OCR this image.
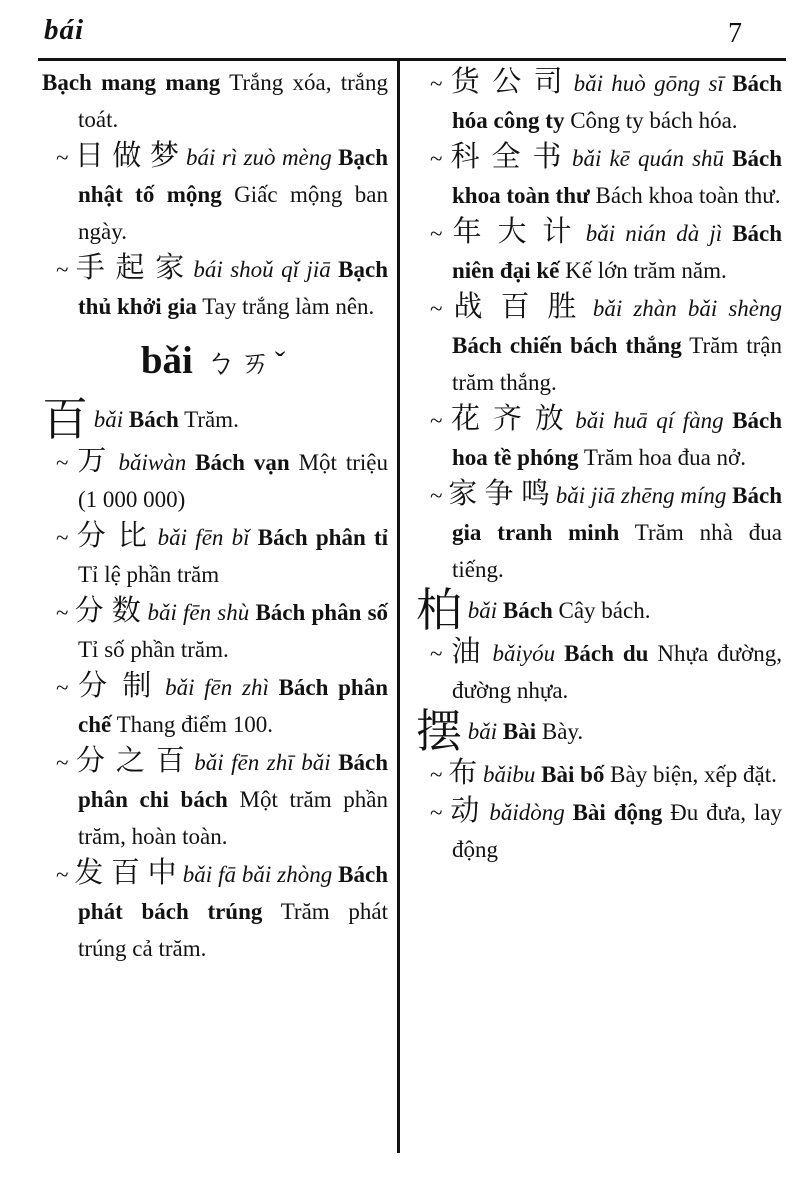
bái	7

Bạch mang mang Trắng xóa, trắng toát.

~ 日 做 梦 bái rì zuò mèng Bạch nhật tố mộng Giấc mộng ban ngày.

~ 手 起 家 bái shoǔ qǐ jiā Bạch thủ khởi gia Tay trắng làm nên.

bǎi ㄅㄞˇ

百 bǎi Bách Trăm.

~ 万 bǎiwàn Bách vạn Một triệu (1 000 000)

~ 分 比 bǎi fēn bǐ Bách phân tỉ Tỉ lệ phần trăm

~ 分 数 bǎi fēn shù Bách phân số Tỉ số phần trăm.

~ 分 制 bǎi fēn zhì Bách phân chế Thang điểm 100.

~ 分 之 百 bǎi fēn zhī bǎi Bách phân chi bách Một trăm phần trăm, hoàn toàn.

~ 发 百 中 bǎi fā bǎi zhòng Bách phát bách trúng Trăm phát trúng cả trăm.

~ 货 公 司 bǎi huò gōng sī Bách hóa công ty Công ty bách hóa.

~ 科 全 书 bǎi kē quán shū Bách khoa toàn thư Bách khoa toàn thư.

~ 年 大 计 bǎi nián dà jì Bách niên đại kế Kế lớn trăm năm.

~ 战 百 胜 bǎi zhàn bǎi shèng Bách chiến bách thắng Trăm trận trăm thắng.

~ 花 齐 放 bǎi huā qí fàng Bách hoa tề phóng Trăm hoa đua nở.

~ 家 争 鸣 bǎi jiā zhēng míng Bách gia tranh minh Trăm nhà đua tiếng.

柏 bǎi Bách Cây bách.

~ 油 bǎiyóu Bách du Nhựa đường, đường nhựa.

摆 bǎi Bài Bày.

~ 布 bǎibu Bài bố Bày biện, xếp đặt.

~ 动 bǎidòng Bài động Đu đưa, lay động
